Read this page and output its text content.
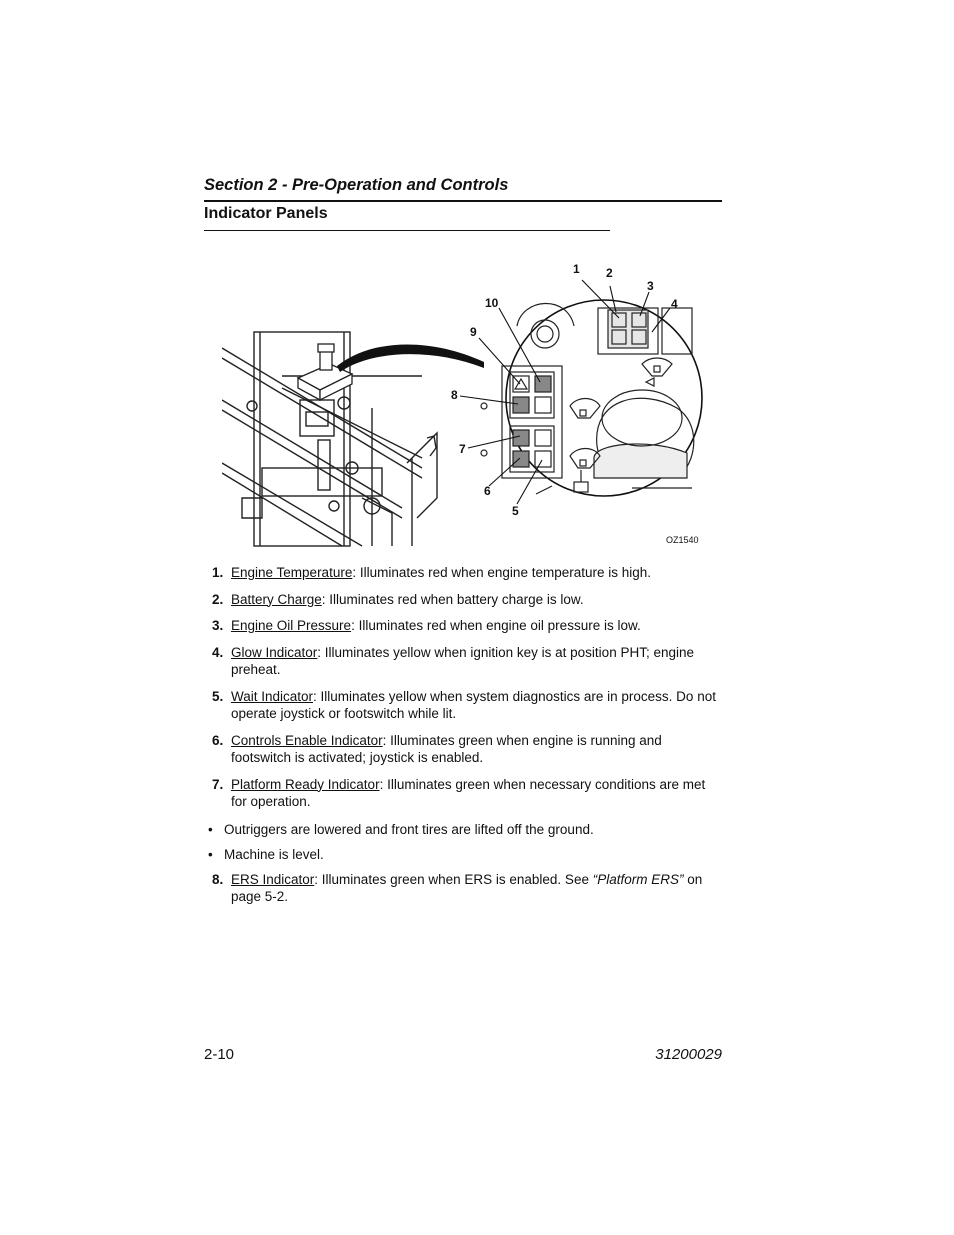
Section 2 - Pre-Operation and Controls
Indicator Panels
1 2
3
4
5
6
7
8
9
10
OZ1540
1. Engine Temperature: Illuminates red when engine temperature is high.
2. Battery Charge: Illuminates red when battery charge is low.
3. Engine Oil Pressure: Illuminates red when engine oil pressure is low.
4. Glow Indicator: Illuminates yellow when ignition key is at position PHT; engine preheat.
5. Wait Indicator: Illuminates yellow when system diagnostics are in process. Do not operate joystick or footswitch while lit.
6. Controls Enable Indicator: Illuminates green when engine is running and footswitch is activated; joystick is enabled.
7. Platform Ready Indicator: Illuminates green when necessary conditions are met for operation.
• Outriggers are lowered and front tires are lifted off the ground.
• Machine is level.
8. ERS Indicator: Illuminates green when ERS is enabled. See “Platform ERS” on page 5-2.
2-10	31200029
